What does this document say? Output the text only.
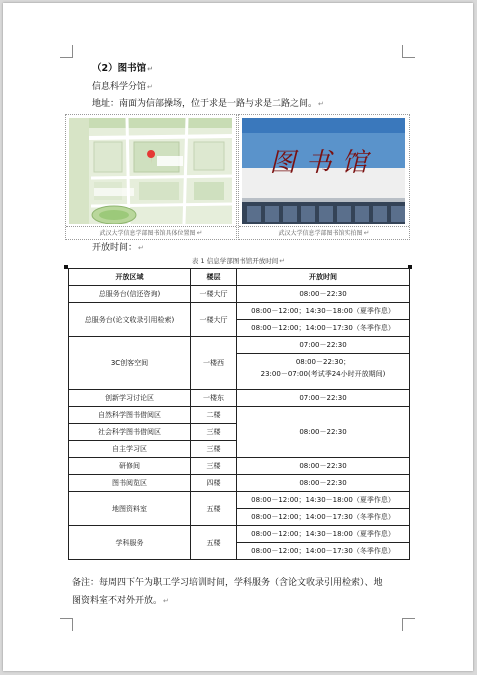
（2）图书馆↵
信息科学分馆↵
地址：南面为信部操场，位于求是一路与求是二路之间。↵
武汉大学信息学部图书馆具体位置图↵
图书馆
武汉大学信息学部图书馆实拍图↵
开放时间：↵
表 1 信息学部图书馆开放时间↵
开放区域	楼层	开放时间
总服务台(信还咨询)	一楼大厅	08:00－22:30
总服务台(论文收录引用检索)	一楼大厅	08:00－12:00；14:30－18:00（夏季作息）
08:00－12:00；14:00－17:30（冬季作息）

3C创客空间	一楼西	07:00－22:30
08:00－22:30；
23:00－07:00(考试季24小时开放期间)

创新学习讨论区	一楼东	07:00－22:30
自然科学图书借阅区	二楼	08:00－22:30
社会科学图书借阅区	三楼	
自主学习区	三楼	
研修间	三楼	08:00－22:30
图书阅览区	四楼	08:00－22:30
地图资料室	五楼	08:00－12:00；14:30－18:00（夏季作息）
08:00－12:00；14:00－17:30（冬季作息）

学科服务	五楼	08:00－12:00；14:30－18:00（夏季作息）
08:00－12:00；14:00－17:30（冬季作息）
备注：每周四下午为职工学习培训时间，学科服务（含论文收录引用检索）、地
图资料室不对外开放。↵
